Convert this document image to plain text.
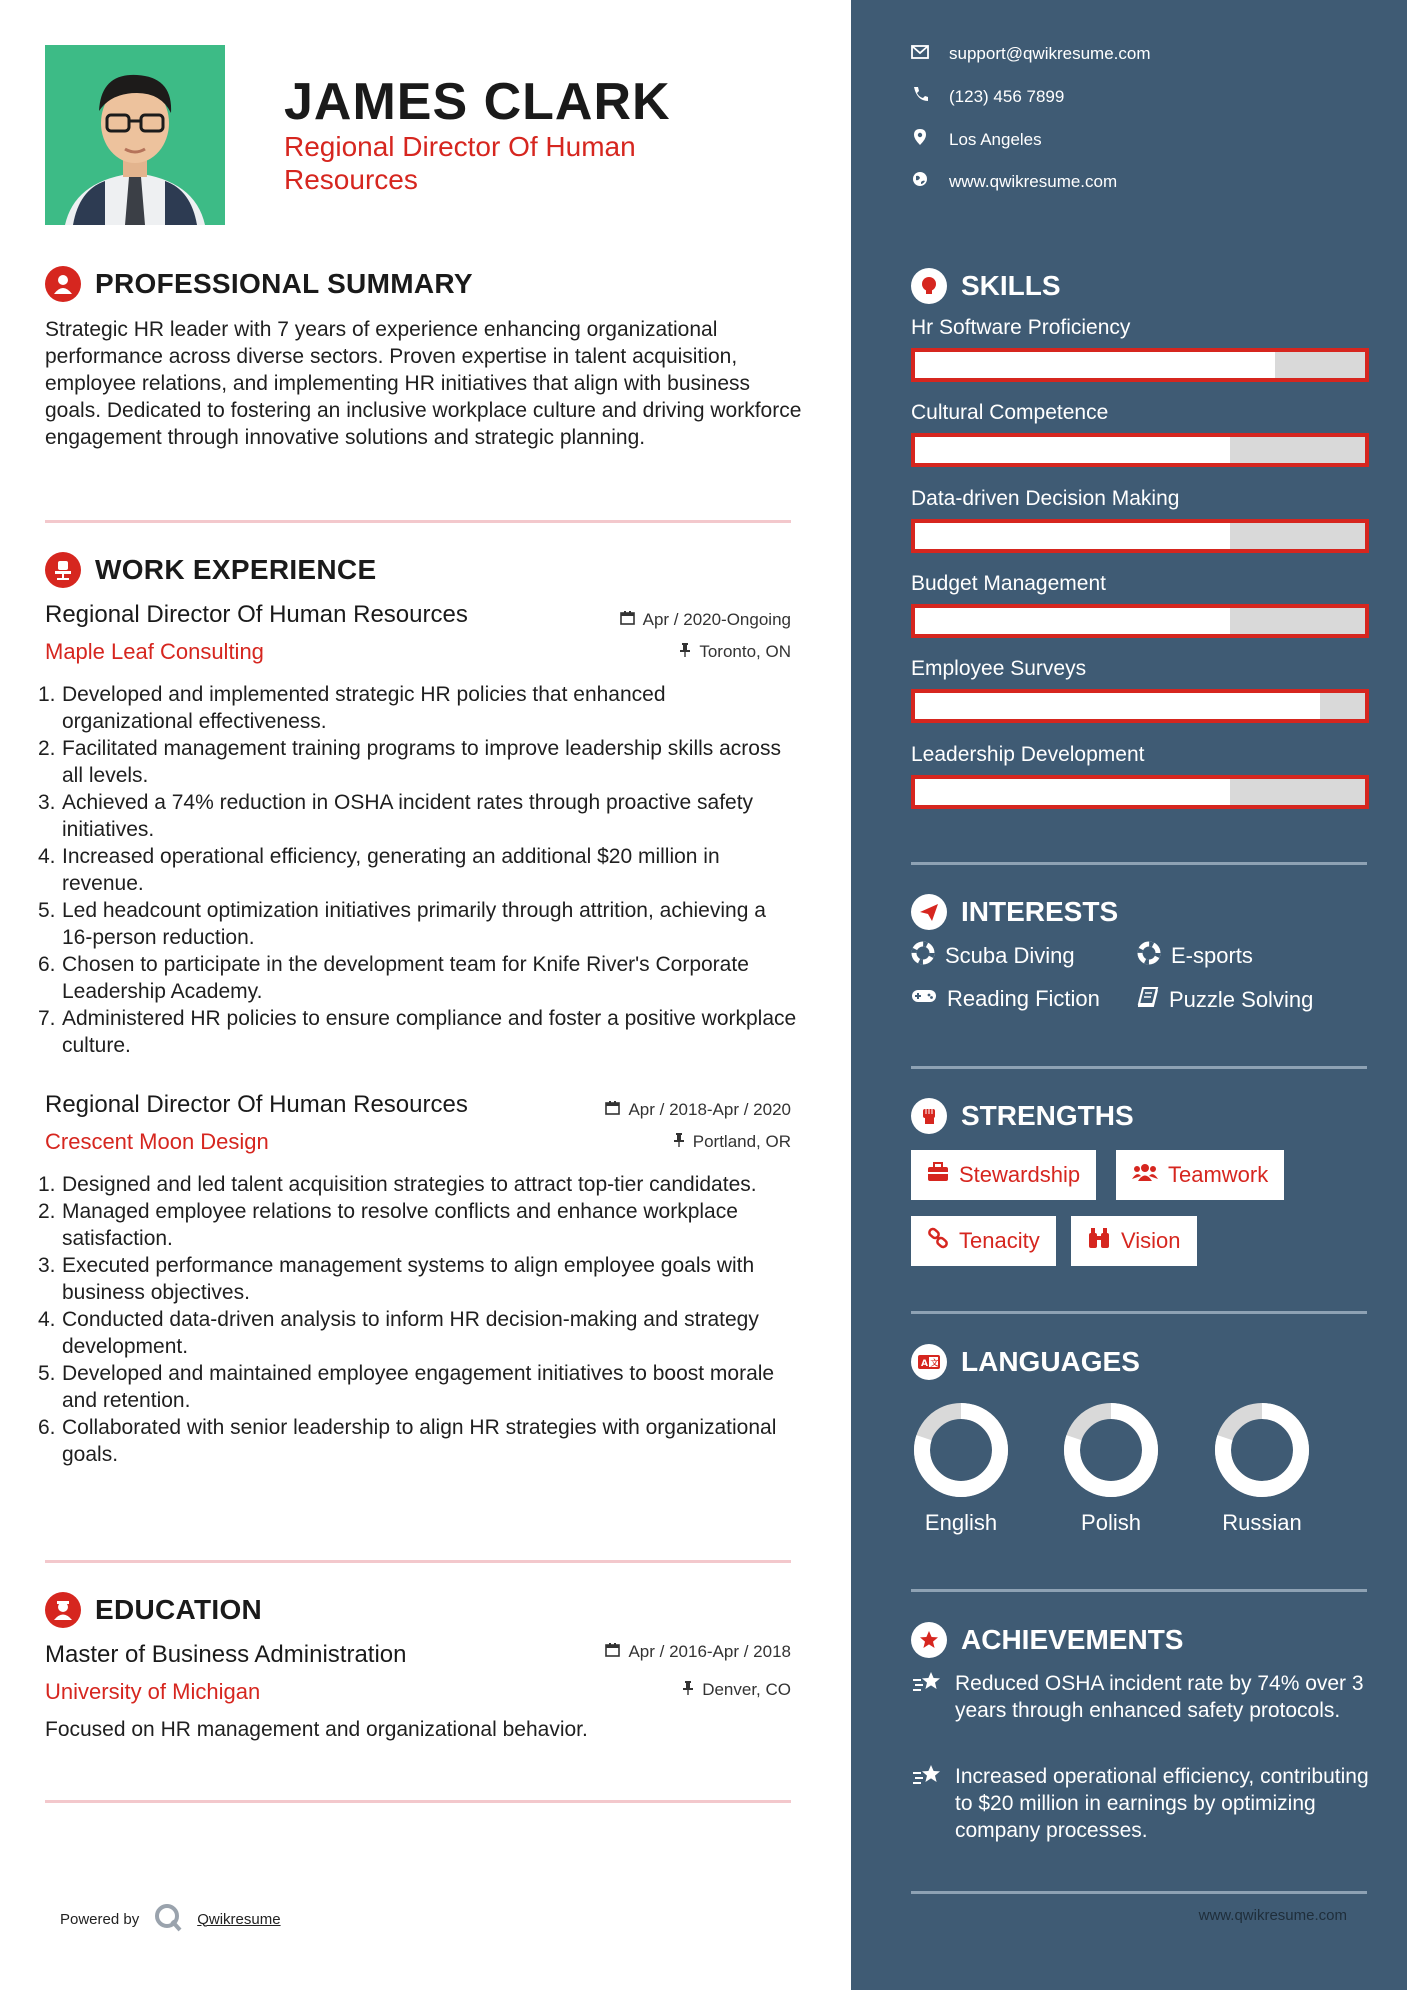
JAMES CLARK
Regional Director Of Human Resources
PROFESSIONAL SUMMARY
Strategic HR leader with 7 years of experience enhancing organizational performance across diverse sectors. Proven expertise in talent acquisition, employee relations, and implementing HR initiatives that align with business goals. Dedicated to fostering an inclusive workplace culture and driving workforce engagement through innovative solutions and strategic planning.
WORK EXPERIENCE
Regional Director Of Human Resources	Apr / 2020-Ongoing
Maple Leaf Consulting	Toronto, ON
1. Developed and implemented strategic HR policies that enhanced organizational effectiveness.
2. Facilitated management training programs to improve leadership skills across all levels.
3. Achieved a 74% reduction in OSHA incident rates through proactive safety initiatives.
4. Increased operational efficiency, generating an additional $20 million in revenue.
5. Led headcount optimization initiatives primarily through attrition, achieving a 16-person reduction.
6. Chosen to participate in the development team for Knife River's Corporate Leadership Academy.
7. Administered HR policies to ensure compliance and foster a positive workplace culture.
Regional Director Of Human Resources	Apr / 2018-Apr / 2020
Crescent Moon Design	Portland, OR
1. Designed and led talent acquisition strategies to attract top-tier candidates.
2. Managed employee relations to resolve conflicts and enhance workplace satisfaction.
3. Executed performance management systems to align employee goals with business objectives.
4. Conducted data-driven analysis to inform HR decision-making and strategy development.
5. Developed and maintained employee engagement initiatives to boost morale and retention.
6. Collaborated with senior leadership to align HR strategies with organizational goals.
EDUCATION
Master of Business Administration	Apr / 2016-Apr / 2018
University of Michigan	Denver, CO
Focused on HR management and organizational behavior.
Powered by	Qwikresume
support@qwikresume.com
(123) 456 7899
Los Angeles
www.qwikresume.com
SKILLS
Hr Software Proficiency
Cultural Competence
Data-driven Decision Making
Budget Management
Employee Surveys
Leadership Development
INTERESTS
Scuba Diving	E-sports
Reading Fiction	Puzzle Solving
STRENGTHS
Stewardship	Teamwork
Tenacity	Vision
A 文 LANGUAGES
English	Polish	Russian
ACHIEVEMENTS
Reduced OSHA incident rate by 74% over 3 years through enhanced safety protocols.
Increased operational efficiency, contributing to $20 million in earnings by optimizing company processes.
www.qwikresume.com
